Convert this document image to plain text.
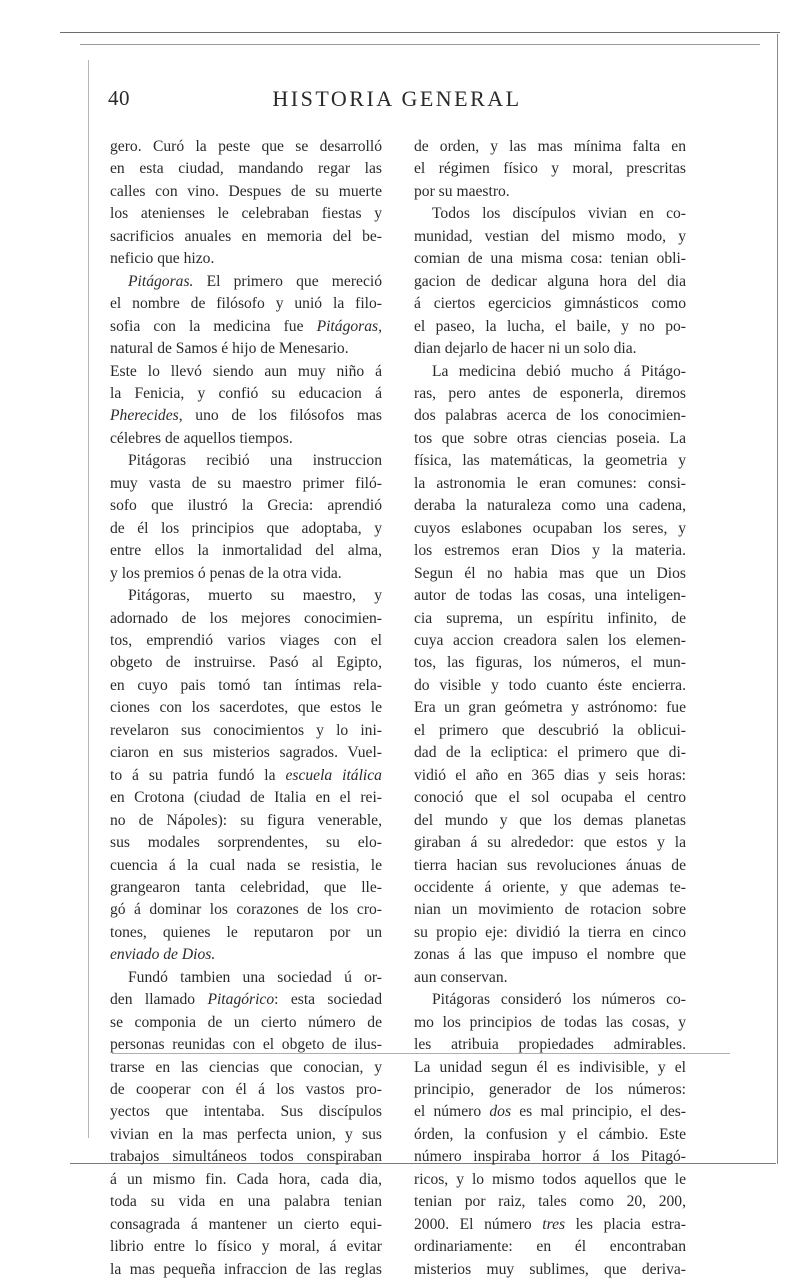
40	HISTORIA GENERAL
gero. Curó la peste que se desarrolló
en esta ciudad, mandando regar las
calles con vino. Despues de su muerte
los atenienses le celebraban fiestas y
sacrificios anuales en memoria del be-
neficio que hizo.
Pitágoras. El primero que mereció
el nombre de filósofo y unió la filo-
sofia con la medicina fue Pitágoras,
natural de Samos é hijo de Menesario.
Este lo llevó siendo aun muy niño á
la Fenicia, y confió su educacion á
Pherecides, uno de los filósofos mas
célebres de aquellos tiempos.
Pitágoras recibió una instruccion
muy vasta de su maestro primer filó-
sofo que ilustró la Grecia: aprendió
de él los principios que adoptaba, y
entre ellos la inmortalidad del alma,
y los premios ó penas de la otra vida.
Pitágoras, muerto su maestro, y
adornado de los mejores conocimien-
tos, emprendió varios viages con el
obgeto de instruirse. Pasó al Egipto,
en cuyo pais tomó tan íntimas rela-
ciones con los sacerdotes, que estos le
revelaron sus conocimientos y lo ini-
ciaron en sus misterios sagrados. Vuel-
to á su patria fundó la escuela itálica
en Crotona (ciudad de Italia en el rei-
no de Nápoles): su figura venerable,
sus modales sorprendentes, su elo-
cuencia á la cual nada se resistia, le
grangearon tanta celebridad, que lle-
gó á dominar los corazones de los cro-
tones, quienes le reputaron por un
enviado de Dios.
Fundó tambien una sociedad ú or-
den llamado Pitagórico: esta sociedad
se componia de un cierto número de
personas reunidas con el obgeto de ilus-
trarse en las ciencias que conocian, y
de cooperar con él á los vastos pro-
yectos que intentaba. Sus discípulos
vivian en la mas perfecta union, y sus
trabajos simultáneos todos conspiraban
á un mismo fin. Cada hora, cada dia,
toda su vida en una palabra tenian
consagrada á mantener un cierto equi-
librio entre lo físico y moral, á evitar
la mas pequeña infraccion de las reglas
de orden, y las mas mínima falta en
el régimen físico y moral, prescritas
por su maestro.
Todos los discípulos vivian en co-
munidad, vestian del mismo modo, y
comian de una misma cosa: tenian obli-
gacion de dedicar alguna hora del dia
á ciertos egercicios gimnásticos como
el paseo, la lucha, el baile, y no po-
dian dejarlo de hacer ni un solo dia.
La medicina debió mucho á Pitágo-
ras, pero antes de esponerla, diremos
dos palabras acerca de los conocimien-
tos que sobre otras ciencias poseia. La
física, las matemáticas, la geometria y
la astronomia le eran comunes: consi-
deraba la naturaleza como una cadena,
cuyos eslabones ocupaban los seres, y
los estremos eran Dios y la materia.
Segun él no habia mas que un Dios
autor de todas las cosas, una inteligen-
cia suprema, un espíritu infinito, de
cuya accion creadora salen los elemen-
tos, las figuras, los números, el mun-
do visible y todo cuanto éste encierra.
Era un gran geómetra y astrónomo: fue
el primero que descubrió la oblicui-
dad de la ecliptica: el primero que di-
vidió el año en 365 dias y seis horas:
conoció que el sol ocupaba el centro
del mundo y que los demas planetas
giraban á su alrededor: que estos y la
tierra hacian sus revoluciones ánuas de
occidente á oriente, y que ademas te-
nian un movimiento de rotacion sobre
su propio eje: dividió la tierra en cinco
zonas á las que impuso el nombre que
aun conservan.
Pitágoras consideró los números co-
mo los principios de todas las cosas, y
les atribuia propiedades admirables.
La unidad segun él es indivisible, y el
principio, generador de los números:
el número dos es mal principio, el des-
órden, la confusion y el cámbio. Este
número inspiraba horror á los Pitagó-
ricos, y lo mismo todos aquellos que le
tenian por raiz, tales como 20, 200,
2000. El número tres les placia estra-
ordinariamente: en él encontraban
misterios muy sublimes, que deriva-
